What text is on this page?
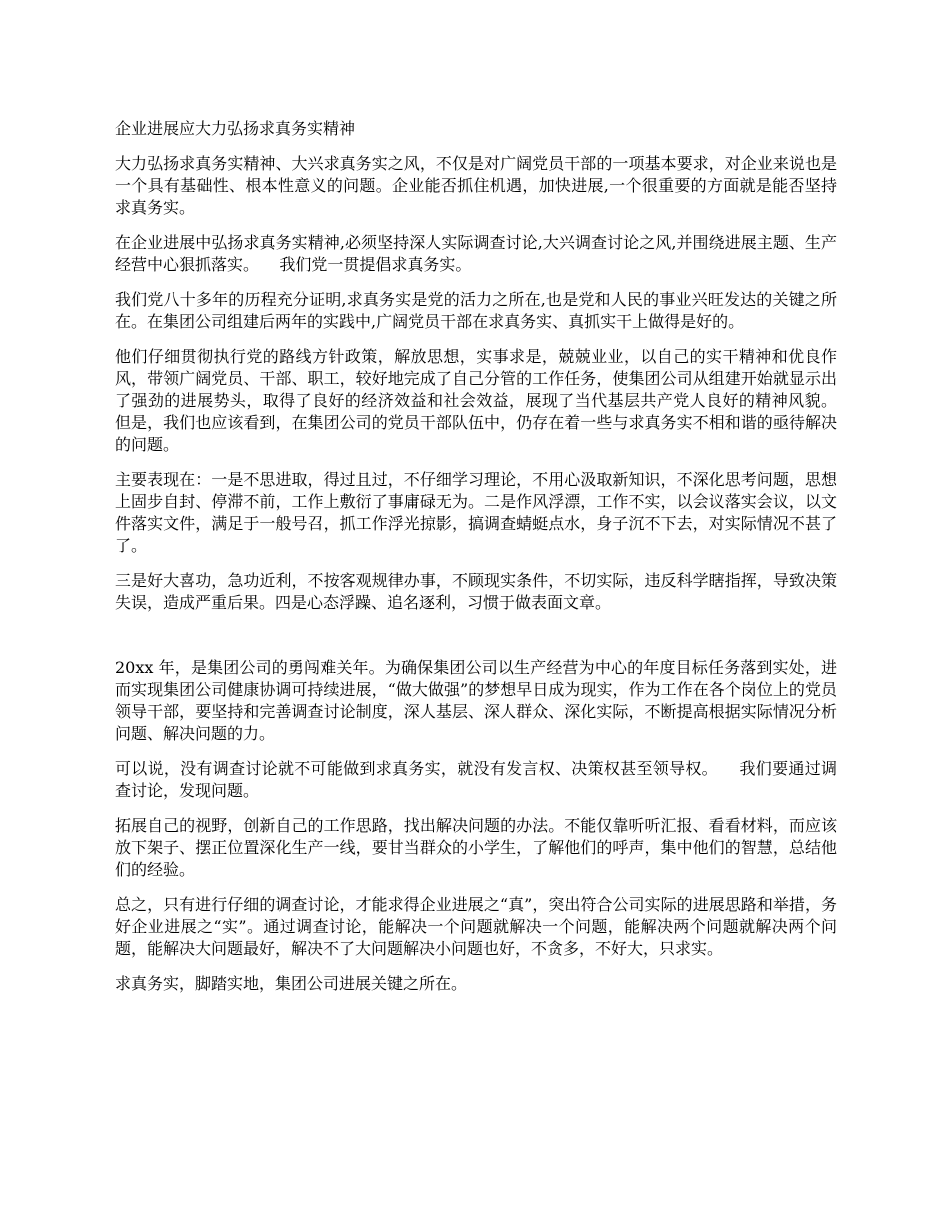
企业进展应大力弘扬求真务实精神

大力弘扬求真务实精神、大兴求真务实之风，不仅是对广阔党员干部的一项基本要求，对企业来说也是一个具有基础性、根本性意义的问题。企业能否抓住机遇，加快进展,一个很重要的方面就是能否坚持求真务实。

在企业进展中弘扬求真务实精神,必须坚持深人实际调查讨论,大兴调查讨论之风,并围绕进展主题、生产经营中心狠抓落实。    我们党一贯提倡求真务实。

我们党八十多年的历程充分证明,求真务实是党的活力之所在,也是党和人民的事业兴旺发达的关键之所在。在集团公司组建后两年的实践中,广阔党员干部在求真务实、真抓实干上做得是好的。

他们仔细贯彻执行党的路线方针政策，解放思想，实事求是，兢兢业业，以自己的实干精神和优良作风，带领广阔党员、干部、职工，较好地完成了自己分管的工作任务，使集团公司从组建开始就显示出了强劲的进展势头，取得了良好的经济效益和社会效益，展现了当代基层共产党人良好的精神风貌。    但是，我们也应该看到，在集团公司的党员干部队伍中，仍存在着一些与求真务实不相和谐的亟待解决的问题。

主要表现在：一是不思进取，得过且过，不仔细学习理论，不用心汲取新知识，不深化思考问题，思想上固步自封、停滞不前，工作上敷衍了事庸碌无为。二是作风浮漂，工作不实，以会议落实会议，以文件落实文件，满足于一般号召，抓工作浮光掠影，搞调查蜻蜓点水，身子沉不下去，对实际情况不甚了了。

三是好大喜功，急功近利，不按客观规律办事，不顾现实条件，不切实际，违反科学瞎指挥，导致决策失误，造成严重后果。四是心态浮躁、追名逐利，习惯于做表面文章。

20xx 年，是集团公司的勇闯难关年。为确保集团公司以生产经营为中心的年度目标任务落到实处，进而实现集团公司健康协调可持续进展，“做大做强”的梦想早日成为现实，作为工作在各个岗位上的党员领导干部，要坚持和完善调查讨论制度，深人基层、深人群众、深化实际，不断提高根据实际情况分析问题、解决问题的力。

可以说，没有调查讨论就不可能做到求真务实，就没有发言权、决策权甚至领导权。    我们要通过调查讨论，发现问题。

拓展自己的视野，创新自己的工作思路，找出解决问题的办法。不能仅靠听听汇报、看看材料，而应该放下架子、摆正位置深化生产一线，要甘当群众的小学生，了解他们的呼声，集中他们的智慧，总结他们的经验。

总之，只有进行仔细的调查讨论，才能求得企业进展之“真”，突出符合公司实际的进展思路和举措，务好企业进展之“实”。通过调查讨论，能解决一个问题就解决一个问题，能解决两个问题就解决两个问题，能解决大问题最好，解决不了大问题解决小问题也好，不贪多，不好大，只求实。

求真务实，脚踏实地，集团公司进展关键之所在。
